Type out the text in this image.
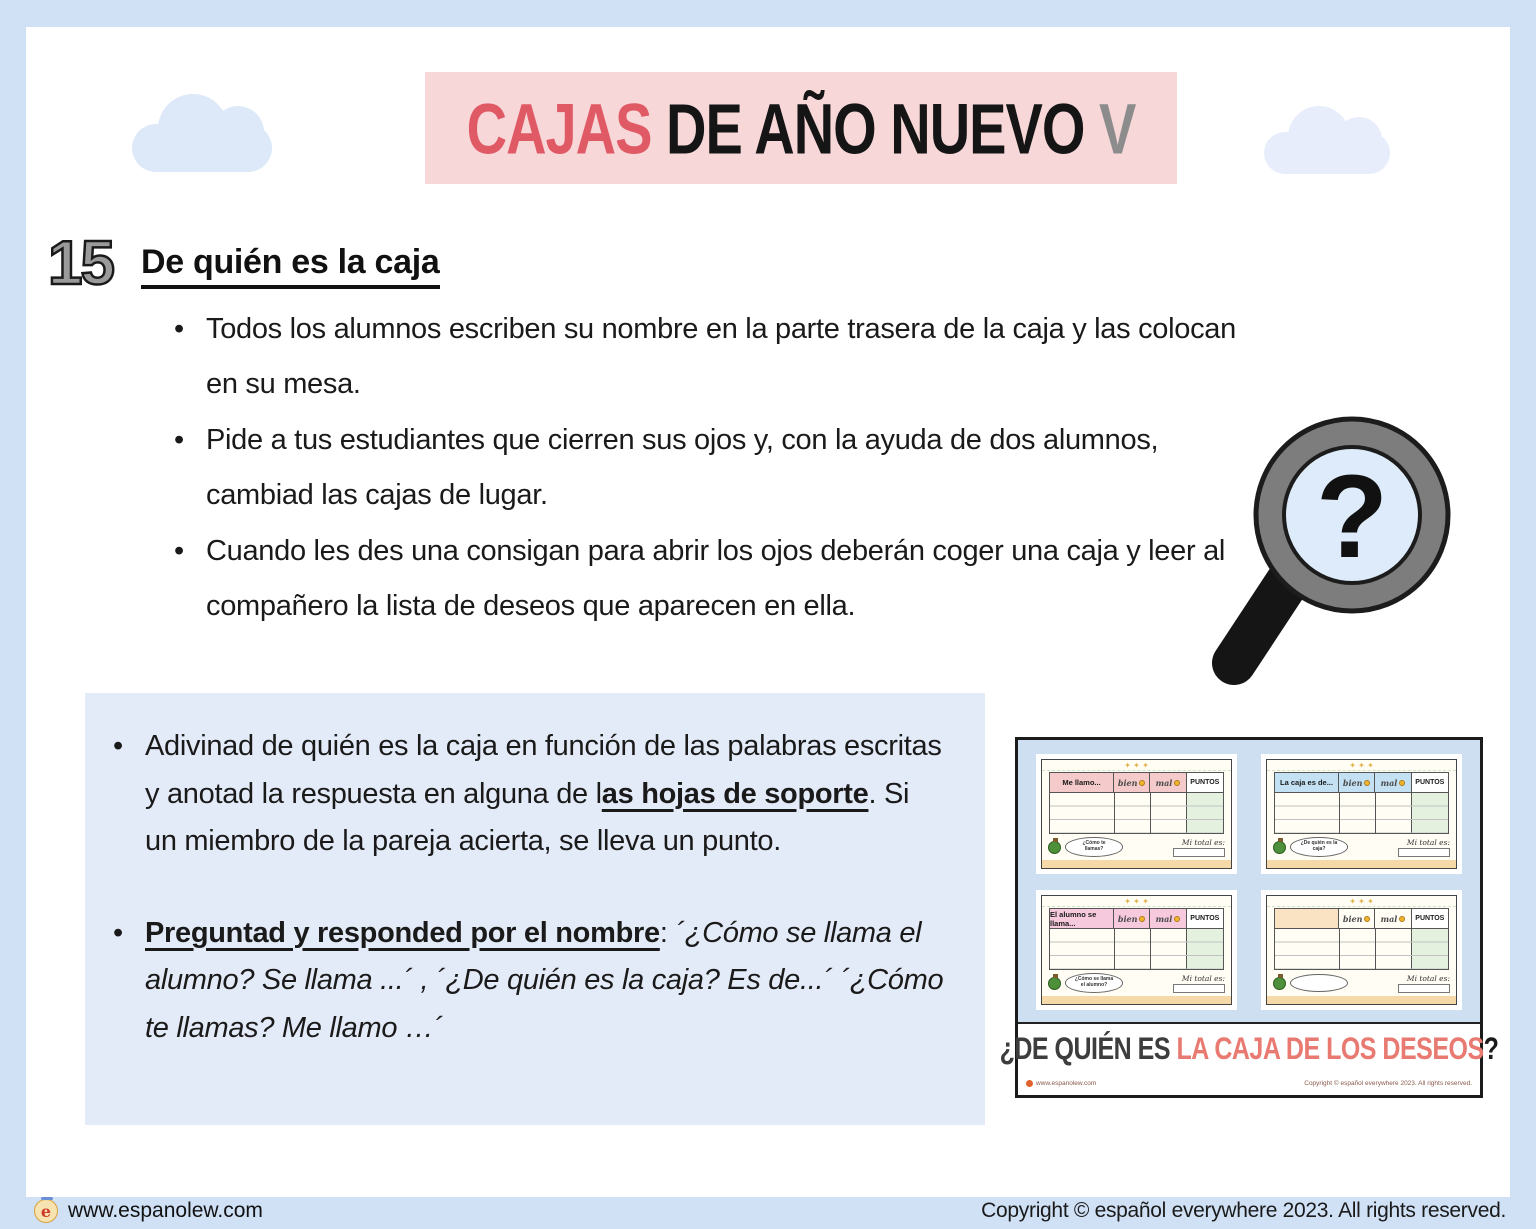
CAJAS DE AÑO NUEVO V
15 De quién es la caja
• Todos los alumnos escriben su nombre en la parte trasera de la caja y las colocan en su mesa.
• Pide a tus estudiantes que cierren sus ojos y, con la ayuda de dos alumnos, cambiad las cajas de lugar.
• Cuando les des una consigan para abrir los ojos deberán coger una caja y leer al compañero la lista de deseos que aparecen en ella.
?
• Adivinad de quién es la caja en función de las palabras escritas y anotad la respuesta en alguna de las hojas de soporte. Si un miembro de la pareja acierta, se lleva un punto.
• Preguntad y responded por el nombre: ´¿Cómo se llama el alumno? Se llama ...´ , ´¿De quién es la caja? Es de...´ ´¿Cómo te llamas? Me llamo …´
✦ ✦ ✦
Me llamo...	bien mal	PUNTOS
¿Cómo te llamas?
Mi total es:
✦ ✦ ✦
La caja es de...	bien mal	PUNTOS
¿De quién es la caja?
Mi total es:
✦ ✦ ✦
El alumno se llama...	bien mal	PUNTOS
¿Cómo se llama el alumno?
Mi total es:
✦ ✦ ✦
bien mal	PUNTOS
Mi total es:
¿DE QUIÉN ES LA CAJA DE LOS DESEOS?
www.espanolew.com	Copyright © español everywhere 2023. All rights reserved.
e www.espanolew.com	Copyright © español everywhere 2023. All rights reserved.
